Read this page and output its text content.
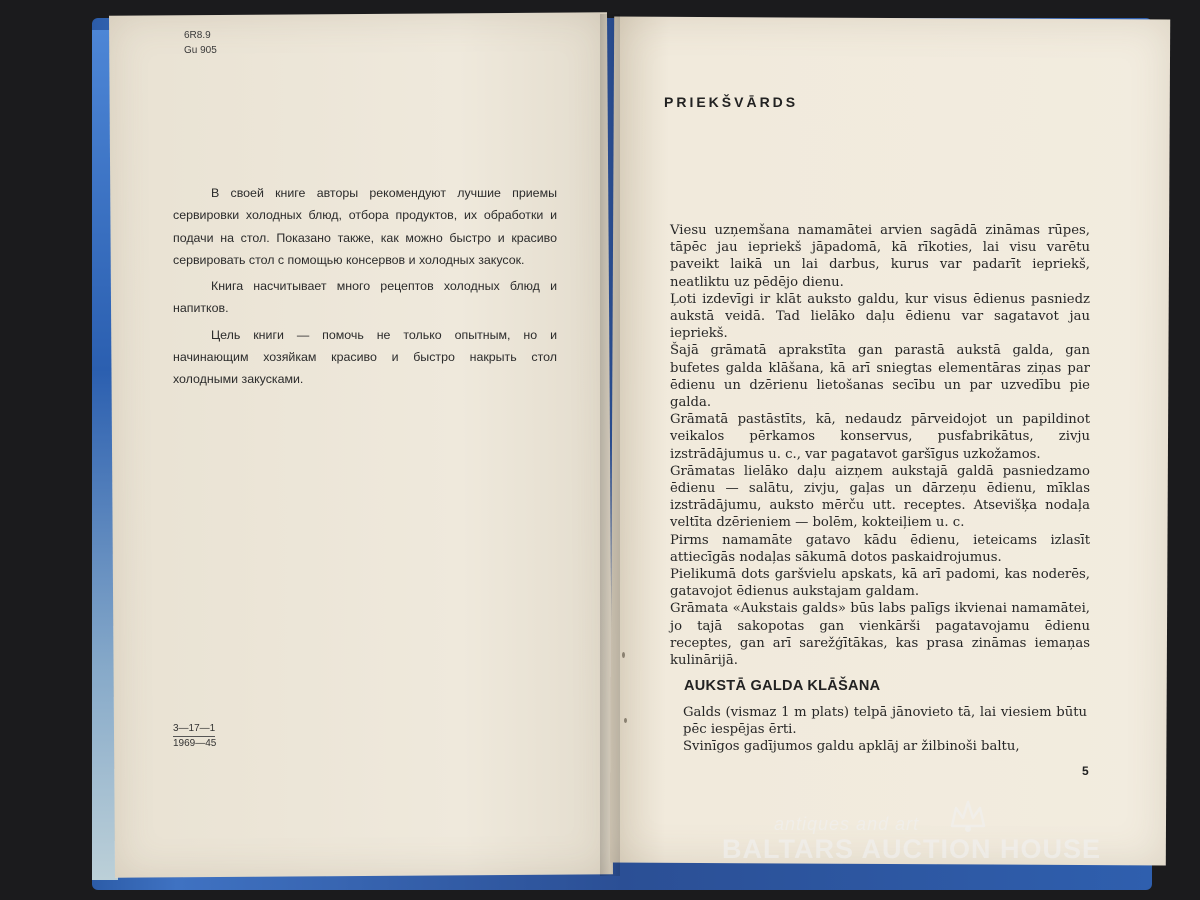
6R8.9
Gu 905

В своей книге авторы рекомендуют лучшие приемы сервировки холодных блюд, отбора продуктов, их обработки и подачи на стол. Показано также, как можно быстро и красиво сервировать стол с помощью консервов и холодных закусок.

Книга насчитывает много рецептов холодных блюд и напитков.

Цель книги — помочь не только опытным, но и начинающим хозяйкам красиво и быстро накрыть стол холодными закусками.

3—17—1
1969—45
PRIEKŠVĀRDS

Viesu uzņemšana namamātei arvien sagādā zināmas rūpes, tāpēc jau iepriekš jāpadomā, kā rīkoties, lai visu varētu paveikt laikā un lai darbus, kurus var padarīt iepriekš, neatliktu uz pēdējo dienu.

Ļoti izdevīgi ir klāt auksto galdu, kur visus ēdienus pasniedz aukstā veidā. Tad lielāko daļu ēdienu var sagatavot jau iepriekš.

Šajā grāmatā aprakstīta gan parastā aukstā galda, gan bufetes galda klāšana, kā arī sniegtas elementāras ziņas par ēdienu un dzērienu lietošanas secību un par uzvedību pie galda.

Grāmatā pastāstīts, kā, nedaudz pārveidojot un papildinot veikalos pērkamos konservus, pusfabrikātus, zivju izstrādājumus u. c., var pagatavot garšīgus uzkožamos.

Grāmatas lielāko daļu aizņem aukstajā galdā pasniedzamo ēdienu — salātu, zivju, gaļas un dārzeņu ēdienu, mīklas izstrādājumu, auksto mērču utt. receptes. Atsevišķa nodaļa veltīta dzērieniem — bolēm, kokteiļiem u. c.

Pirms namamāte gatavo kādu ēdienu, ieteicams izlasīt attiecīgās nodaļas sākumā dotos paskaidrojumus.

Pielikumā dots garšvielu apskats, kā arī padomi, kas noderēs, gatavojot ēdienus aukstajam galdam.

Grāmata «Aukstais galds» būs labs palīgs ikvienai namamātei, jo tajā sakopotas gan vienkārši pagatavojamu ēdienu receptes, gan arī sarežģītākas, kas prasa zināmas iemaņas kulinārijā.

AUKSTĀ GALDA KLĀŠANA

Galds (vismaz 1 m plats) telpā jānovieto tā, lai viesiem būtu pēc iespējas ērti.

Svinīgos gadījumos galdu apklāj ar žilbinoši baltu,

5
antiques and art
BALTARS AUCTION HOUSE
